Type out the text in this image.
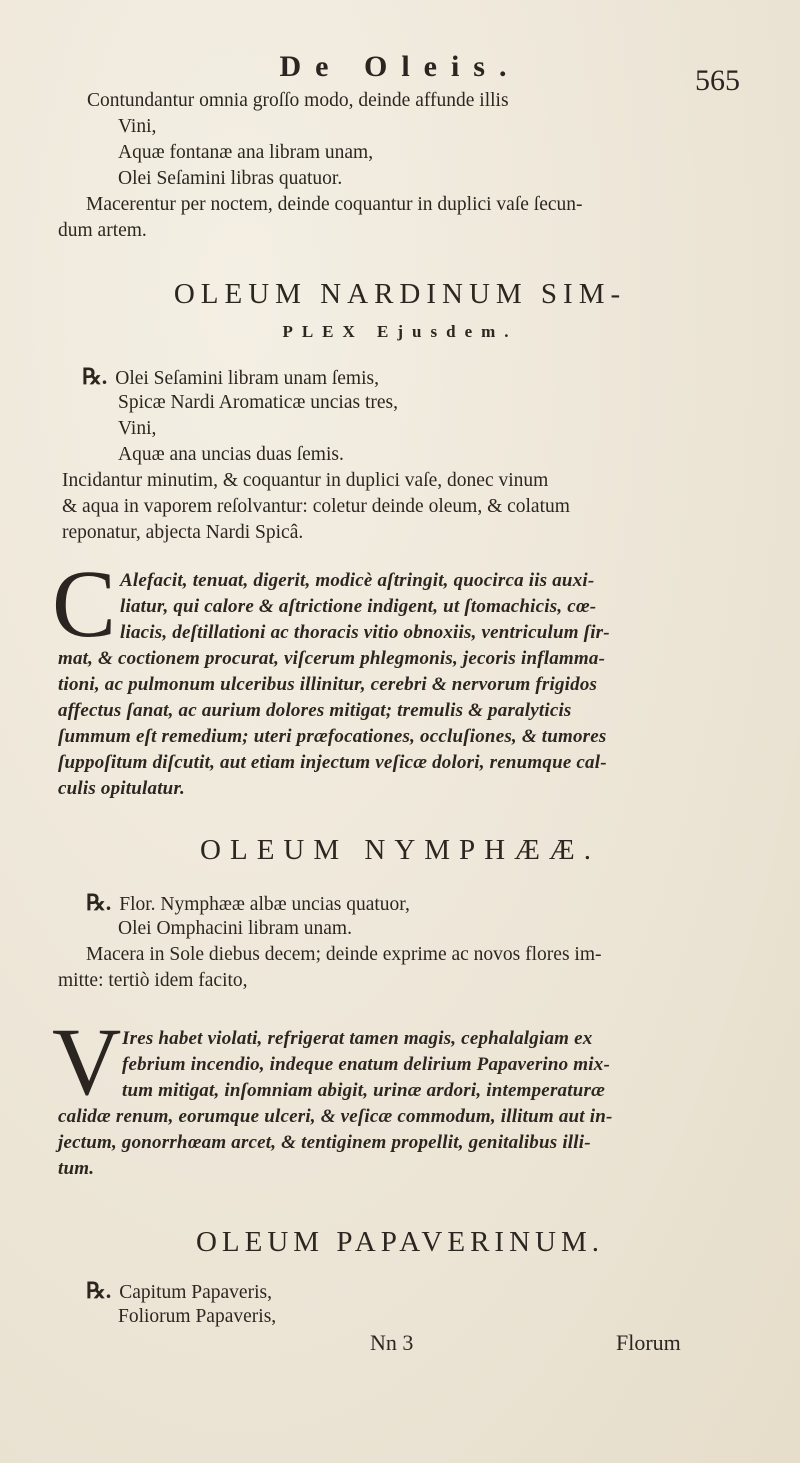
De Oleis.	565
Contundantur omnia groſſo modo, deinde affunde illis
Vini,
Aquæ fontanæ ana libram unam,
Olei Seſamini libras quatuor.
Macerentur per noctem, deinde coquantur in duplici vaſe ſecun-
dum artem.
OLEUM NARDINUM SIM-
PLEX Ejusdem.
℞. Olei Seſamini libram unam ſemis,
Spicæ Nardi Aromaticæ uncias tres,
Vini,
Aquæ ana uncias duas ſemis.
Incidantur minutim, & coquantur in duplici vaſe, donec vinum
& aqua in vaporem reſolvantur: coletur deinde oleum, & colatum
reponatur, abjecta Nardi Spicâ.
C Alefacit, tenuat, digerit, modicè aſtringit, quocirca iis auxi-
liatur, qui calore & aſtrictione indigent, ut ſtomachicis, cœ-
liacis, deſtillationi ac thoracis vitio obnoxiis, ventriculum ſir-
mat, & coctionem procurat, viſcerum phlegmonis, jecoris inflamma-
tioni, ac pulmonum ulceribus illinitur, cerebri & nervorum frigidos
affectus ſanat, ac aurium dolores mitigat; tremulis & paralyticis
ſummum eſt remedium; uteri præfocationes, occluſiones, & tumores
ſuppoſitum diſcutit, aut etiam injectum veſicæ dolori, renumque cal-
culis opitulatur.
OLEUM NYMPHÆÆ.
℞. Flor. Nymphææ albæ uncias quatuor,
Olei Omphacini libram unam.
Macera in Sole diebus decem; deinde exprime ac novos flores im-
mitte: tertiò idem facito,
V Ires habet violati, refrigerat tamen magis, cephalalgiam ex
febrium incendio, indeque enatum delirium Papaverino mix-
tum mitigat, inſomniam abigit, urinæ ardori, intemperaturæ
calidæ renum, eorumque ulceri, & veſicæ commodum, illitum aut in-
jectum, gonorrhœam arcet, & tentiginem propellit, genitalibus illi-
tum.
OLEUM PAPAVERINUM.
℞. Capitum Papaveris,
Foliorum Papaveris,
Nn 3	Florum
